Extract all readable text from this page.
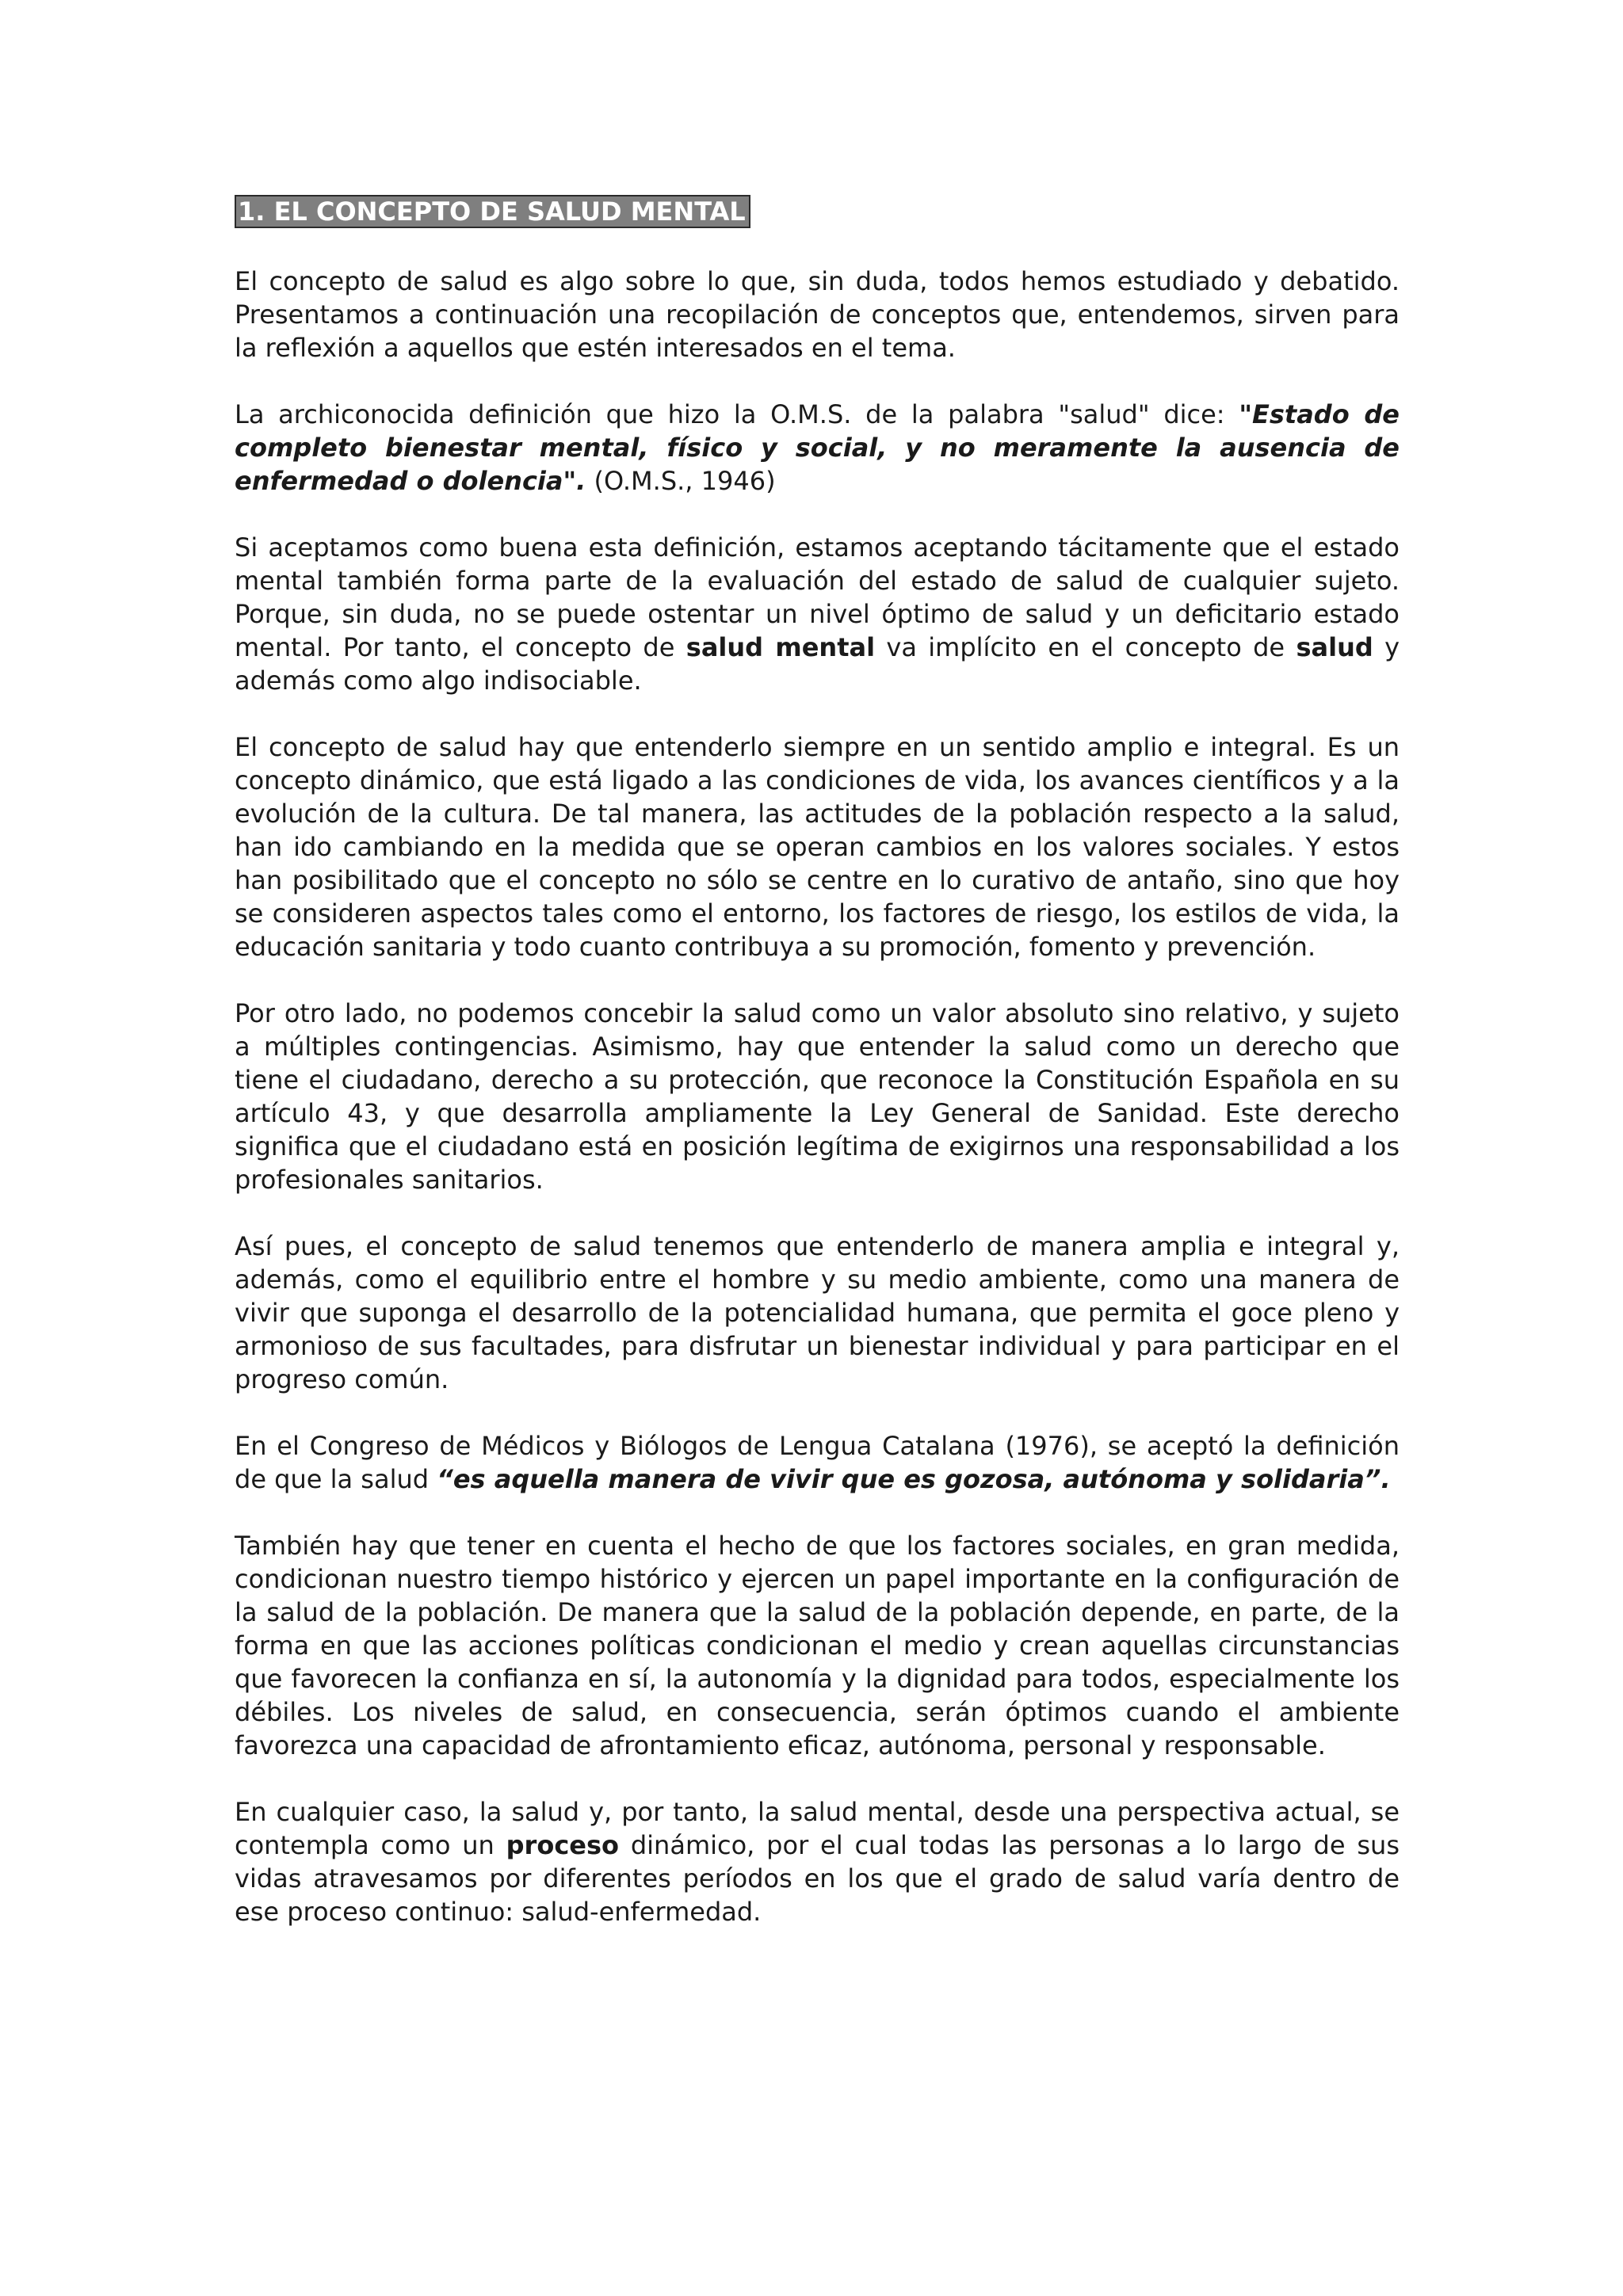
1. EL CONCEPTO DE SALUD MENTAL

El concepto de salud es algo sobre lo que, sin duda, todos hemos estudiado y debatido. Presentamos a continuación una recopilación de conceptos que, entendemos, sirven para la reflexión a aquellos que estén interesados en el tema.

La archiconocida definición que hizo la O.M.S. de la palabra "salud" dice: "Estado de completo bienestar mental, físico y social, y no meramente la ausencia de enfermedad o dolencia". (O.M.S., 1946)

Si aceptamos como buena esta definición, estamos aceptando tácitamente que el estado mental también forma parte de la evaluación del estado de salud de cualquier sujeto. Porque, sin duda, no se puede ostentar un nivel óptimo de salud y un deficitario estado mental. Por tanto, el concepto de salud mental va implícito en el concepto de salud y además como algo indisociable.

El concepto de salud hay que entenderlo siempre en un sentido amplio e integral. Es un concepto dinámico, que está ligado a las condiciones de vida, los avances científicos y a la evolución de la cultura. De tal manera, las actitudes de la población respecto a la salud, han ido cambiando en la medida que se operan cambios en los valores sociales. Y estos han posibilitado que el concepto no sólo se centre en lo curativo de antaño, sino que hoy se consideren aspectos tales como el entorno, los factores de riesgo, los estilos de vida, la educación sanitaria y todo cuanto contribuya a su promoción, fomento y prevención.

Por otro lado, no podemos concebir la salud como un valor absoluto sino relativo, y sujeto a múltiples contingencias. Asimismo, hay que entender la salud como un derecho que tiene el ciudadano, derecho a su protección, que reconoce la Constitución Española en su artículo 43, y que desarrolla ampliamente la Ley General de Sanidad. Este derecho significa que el ciudadano está en posición legítima de exigirnos una responsabilidad a los profesionales sanitarios.

Así pues, el concepto de salud tenemos que entenderlo de manera amplia e integral y, además, como el equilibrio entre el hombre y su medio ambiente, como una manera de vivir que suponga el desarrollo de la potencialidad humana, que permita el goce pleno y armonioso de sus facultades, para disfrutar un bienestar individual y para participar en el progreso común.

En el Congreso de Médicos y Biólogos de Lengua Catalana (1976), se aceptó la definición de que la salud “es aquella manera de vivir que es gozosa, autónoma y solidaria”.

También hay que tener en cuenta el hecho de que los factores sociales, en gran medida, condicionan nuestro tiempo histórico y ejercen un papel importante en la configuración de la salud de la población. De manera que la salud de la población depende, en parte, de la forma en que las acciones políticas condicionan el medio y crean aquellas circunstancias que favorecen la confianza en sí, la autonomía y la dignidad para todos, especialmente los débiles. Los niveles de salud, en consecuencia, serán óptimos cuando el ambiente favorezca una capacidad de afrontamiento eficaz, autónoma, personal y responsable.

En cualquier caso, la salud y, por tanto, la salud mental, desde una perspectiva actual, se contempla como un proceso dinámico, por el cual todas las personas a lo largo de sus vidas atravesamos por diferentes períodos en los que el grado de salud varía dentro de ese proceso continuo: salud-enfermedad.
